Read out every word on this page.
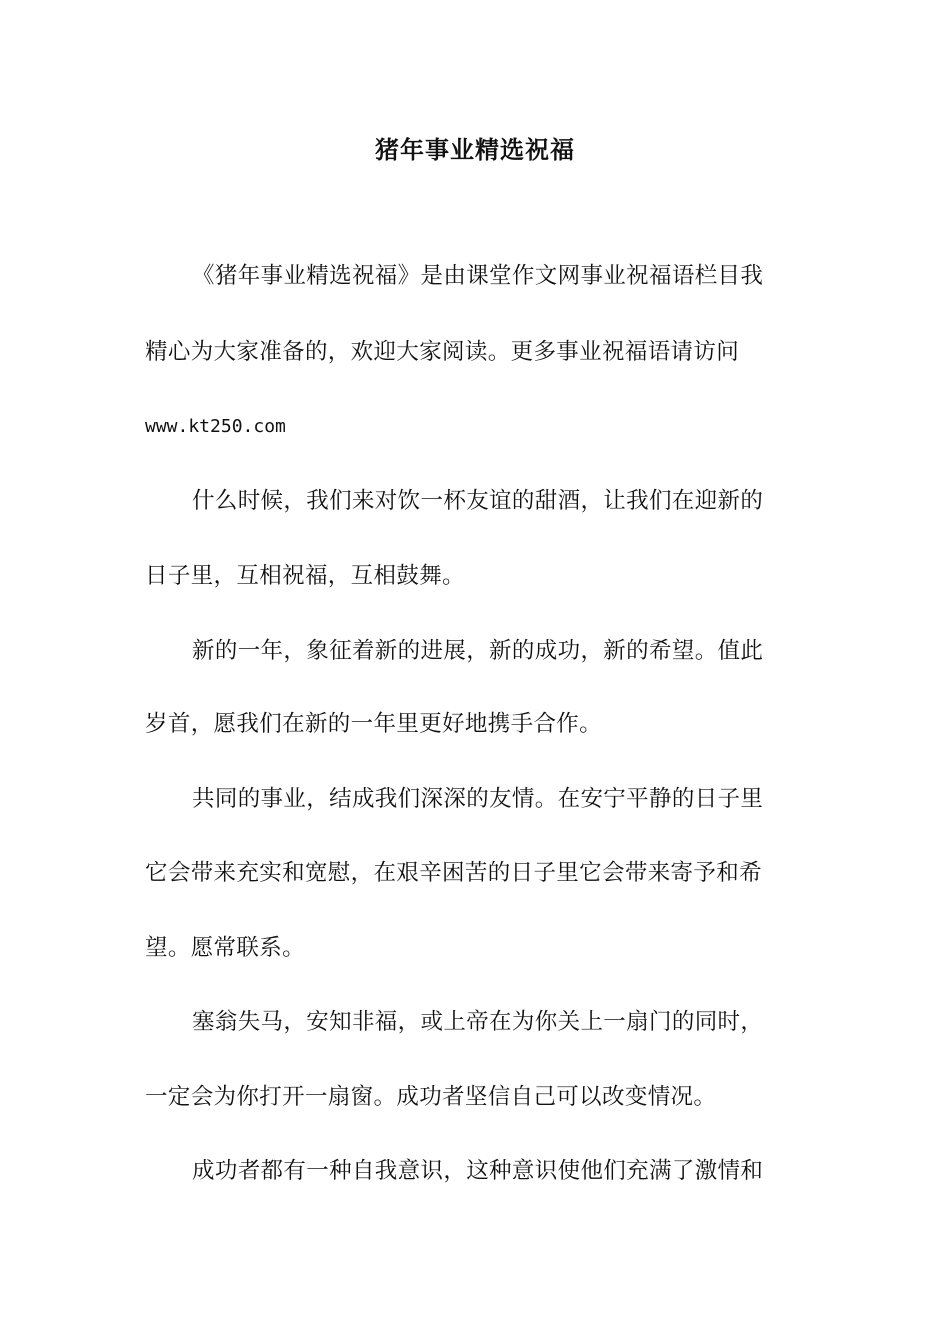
猪年事业精选祝福
《猪年事业精选祝福》是由课堂作文网事业祝福语栏目我
精心为大家准备的，欢迎大家阅读。更多事业祝福语请访问
www.kt250.com
什么时候，我们来对饮一杯友谊的甜酒，让我们在迎新的
日子里，互相祝福，互相鼓舞。
新的一年，象征着新的进展，新的成功，新的希望。值此
岁首，愿我们在新的一年里更好地携手合作。
共同的事业，结成我们深深的友情。在安宁平静的日子里
它会带来充实和宽慰，在艰辛困苦的日子里它会带来寄予和希
望。愿常联系。
塞翁失马，安知非福，或上帝在为你关上一扇门的同时，
一定会为你打开一扇窗。成功者坚信自己可以改变情况。
成功者都有一种自我意识，这种意识使他们充满了激情和
